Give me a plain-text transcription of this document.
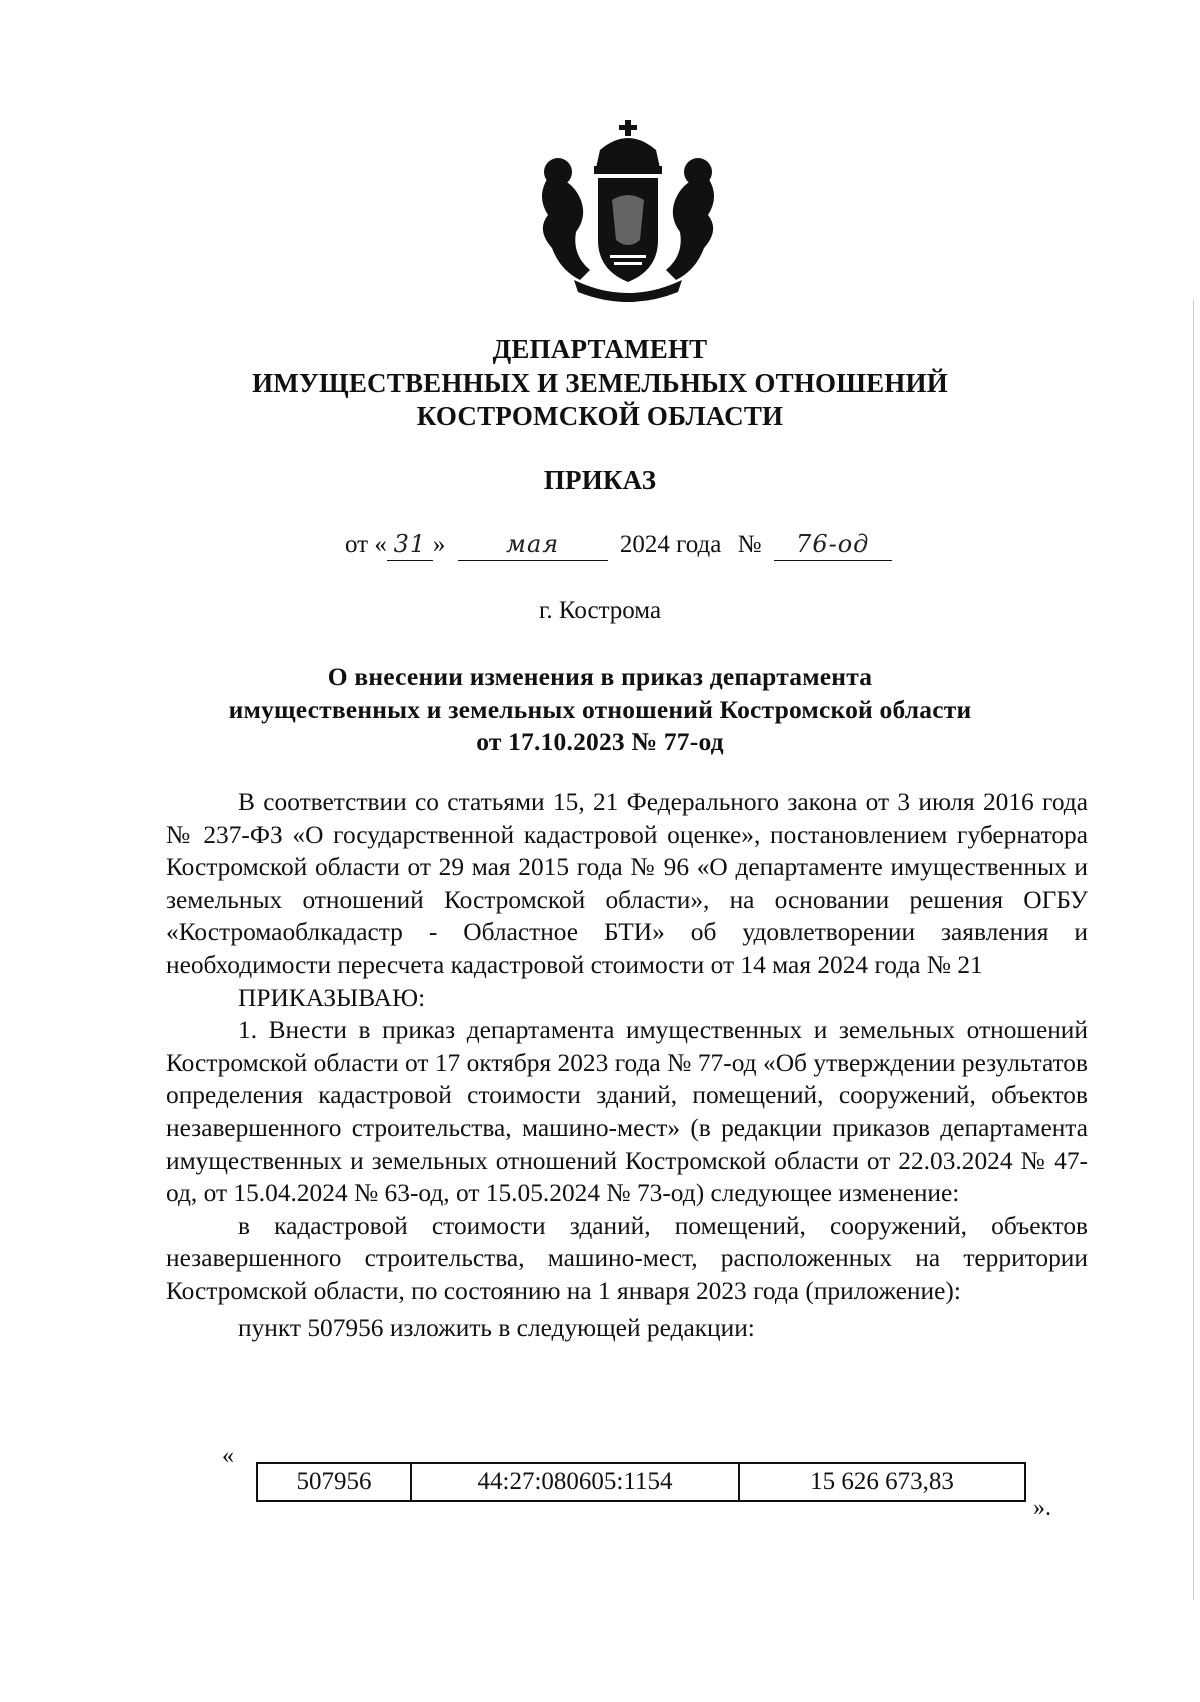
ДЕПАРТАМЕНТ
ИМУЩЕСТВЕННЫХ И ЗЕМЕЛЬНЫХ ОТНОШЕНИЙ
КОСТРОМСКОЙ ОБЛАСТИ
ПРИКАЗ
от « 31 »	мая 2024 года № 76-од
г. Кострома
О внесении изменения в приказ департамента
имущественных и земельных отношений Костромской области
от 17.10.2023 № 77-од

В соответствии со статьями 15, 21 Федерального закона от 3 июля 2016 года № 237-ФЗ «О государственной кадастровой оценке», постановлением губернатора Костромской области от 29 мая 2015 года № 96 «О департаменте имущественных и земельных отношений Костромской области», на основании решения ОГБУ «Костромаоблкадастр - Областное БТИ» об удовлетворении заявления и необходимости пересчета кадастровой стоимости от 14 мая 2024 года № 21

ПРИКАЗЫВАЮ:

1. Внести в приказ департамента имущественных и земельных отношений Костромской области от 17 октября 2023 года № 77-од «Об утверждении результатов определения кадастровой стоимости зданий, помещений, сооружений, объектов незавершенного строительства, машино-мест» (в редакции приказов департамента имущественных и земельных отношений Костромской области от 22.03.2024 № 47-од, от 15.04.2024 № 63-од, от 15.05.2024 № 73-од) следующее изменение:

в кадастровой стоимости зданий, помещений, сооружений, объектов незавершенного строительства, машино-мест, расположенных на территории Костромской области, по состоянию на 1 января 2023 года (приложение):

пункт 507956 изложить в следующей редакции:

«
507956	44:27:080605:1154	15 626 673,83
».
